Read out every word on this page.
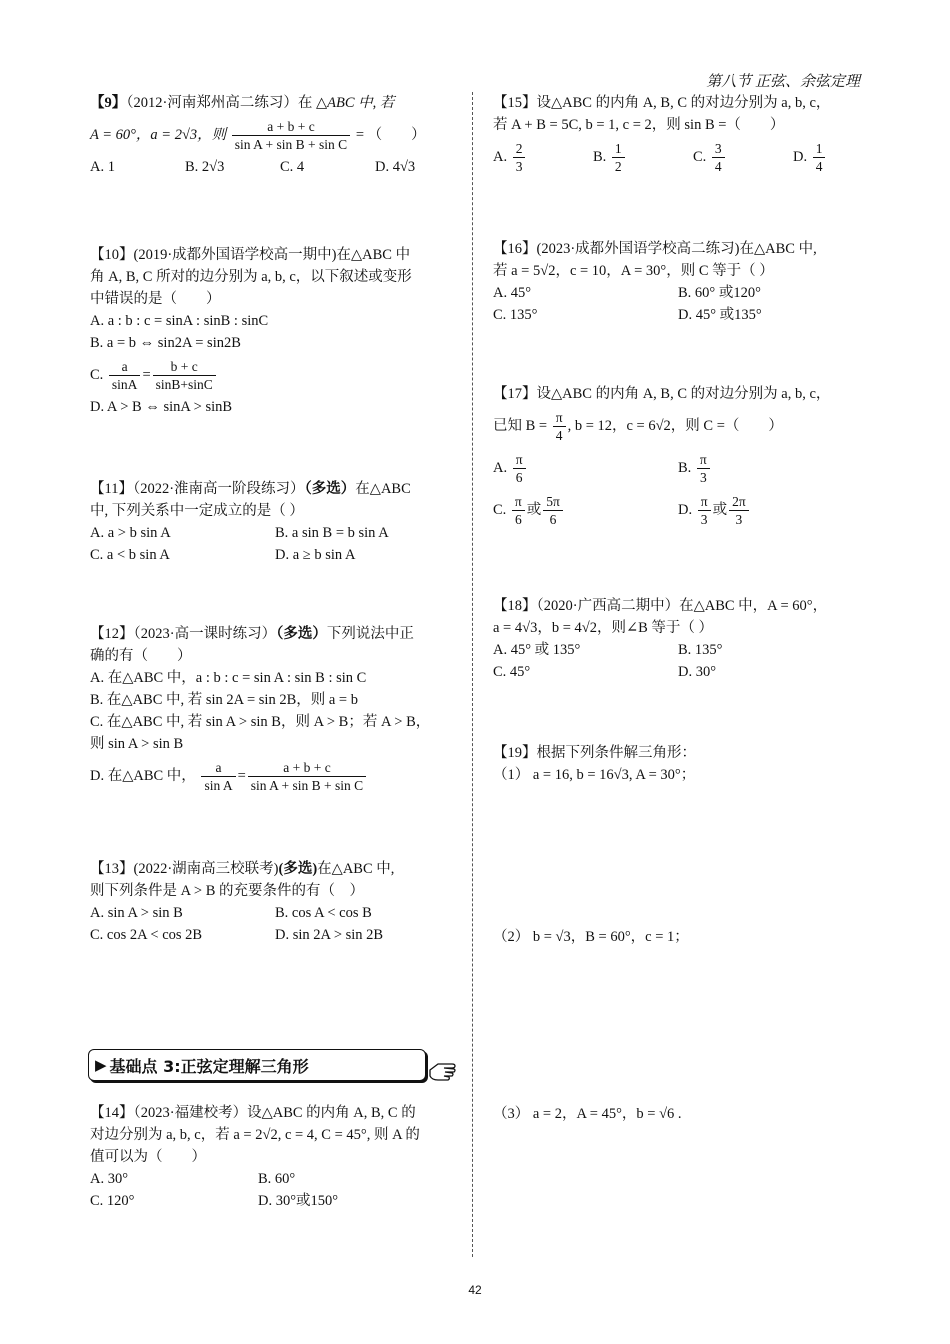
第八节 正弦、余弦定理
【9】（2012·河南郑州高二练习）在 △ABC 中, 若
A = 60°，a = 2√3，则 $\frac{a + b + c}{\text{sin A + sin B + sin C}}$ = （　　）
A. 1	B. 2√3	C. 4	D. 4√3
【10】(2019·成都外国语学校高一期中)在△ABC 中
角 A, B, C 所对的边分别为 a, b, c，以下叙述或变形
中错误的是（　　）
A. a : b : c = sinA : sinB : sinC
B. a = b ⇔ sin2A = sin2B
C. $\frac{a}{\sin A} = \frac{b + c}{\sin B+\sin C}$
D. A > B ⇔ sinA > sinB
【11】（2022·淮南高一阶段练习）（多选）在△ABC
中, 下列关系中一定成立的是（ ）
A. a > b sin A	B. a sin B = b sin A
C. a < b sin A	D. a ≥ b sin A
【12】（2023·高一课时练习）（多选）下列说法中正
确的有（　　）
A. 在△ABC 中，a : b : c = sin A : sin B : sin C
B. 在△ABC 中, 若 sin 2A = sin 2B，则 a = b
C. 在△ABC 中, 若 sin A > sin B，则 A > B；若 A > B，
则 sin A > sin B
D. 在△ABC 中， $\frac{a}{\text{sin A}} = \frac{a + b + c}{\text{sin A + sin B + sin C}}$
【13】(2022·湖南高三校联考)(多选)在△ABC 中,
则下列条件是 A > B 的充要条件的有（　）
A. sin A > sin B	B. cos A < cos B
C. cos 2A < cos 2B	D. sin 2A > sin 2B
【14】（2023·福建校考）设△ABC 的内角 A, B, C 的
对边分别为 a, b, c，若 a = 2√2, c = 4, C = 45°, 则 A 的
值可以为（　　）
A. 30°	B. 60°
C. 120°	D. 30°或150°
▶ 基础点 3:正弦定理解三角形
【15】设△ABC 的内角 A, B, C 的对边分别为 a, b, c，
若 A + B = 5C, b = 1, c = 2，则 sin B =（　　）
A. $\frac{2}{3}$	B. $\frac{1}{2}$	C. $\frac{3}{4}$	D. $\frac{1}{4}$
【16】(2023·成都外国语学校高二练习)在△ABC 中,
若 a = 5√2，c = 10，A = 30°，则 C 等于（ ）
A. 45°	B. 60° 或120°
C. 135°	D. 45° 或135°
【17】设△ABC 的内角 A, B, C 的对边分别为 a, b, c，
已知 $B = \frac{\pi}{4}$ , b = 12，c = 6√2，则 C =（　　）
A. $\frac{\pi}{6}$	B. $\frac{\pi}{3}$
C. $\frac{\pi}{6}$ 或 $\frac{5\pi}{6}$	D. $\frac{\pi}{3}$ 或 $\frac{2\pi}{3}$
【18】（2020·广西高二期中）在△ABC 中，A = 60°，
a = 4√3，b = 4√2，则∠B 等于（ ）
A. 45° 或 135°	B. 135°
C. 45°	D. 30°
【19】根据下列条件解三角形：
（1） a = 16, b = 16√3, A = 30°；
（2） b = √3，B = 60°，c = 1；
（3） a = 2，A = 45°，b = √6 .
42
